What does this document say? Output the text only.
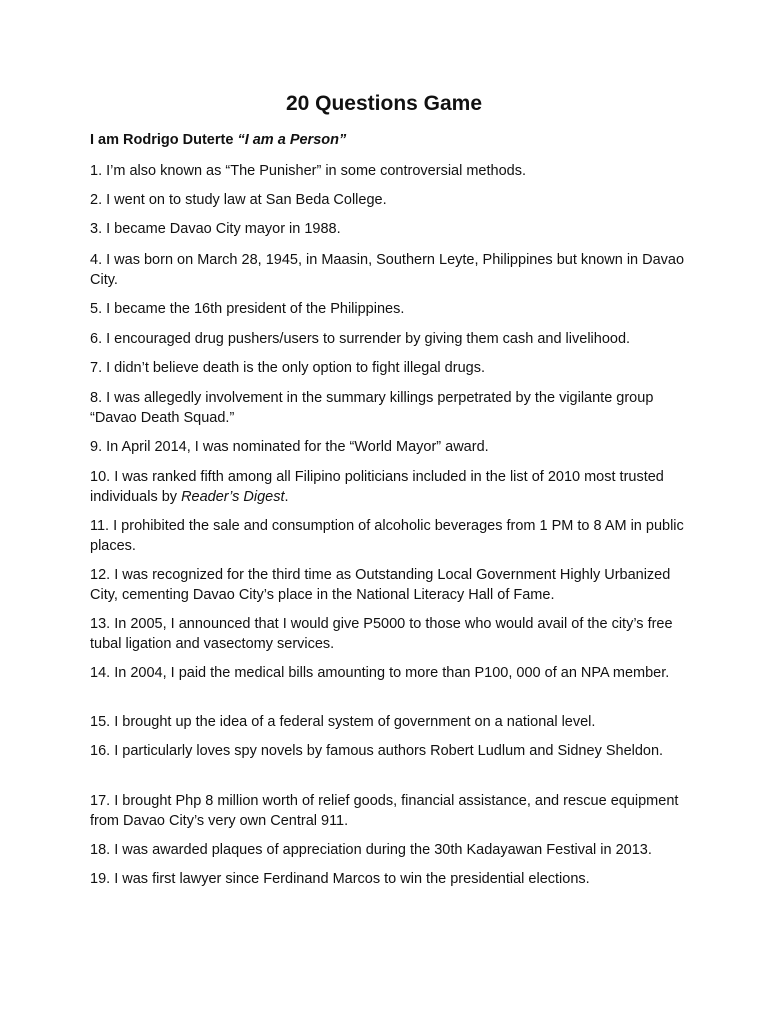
20 Questions Game
I am Rodrigo Duterte “I am a Person”

1. I’m also known as “The Punisher” in some controversial methods.

2. I went on to study law at San Beda College.

3. I became Davao City mayor in 1988.

4. I was born on March 28, 1945, in Maasin, Southern Leyte, Philippines but known in Davao City.

5. I became the 16th president of the Philippines.

6. I encouraged drug pushers/users to surrender by giving them cash and livelihood.

7. I didn’t believe death is the only option to fight illegal drugs.

8. I was allegedly involvement in the summary killings perpetrated by the vigilante group “Davao Death Squad.”

9. In April 2014, I was nominated for the “World Mayor” award.

10. I was ranked fifth among all Filipino politicians included in the list of 2010 most trusted individuals by Reader’s Digest.

11. I prohibited the sale and consumption of alcoholic beverages from 1 PM to 8 AM in public places.

12. I was recognized for the third time as Outstanding Local Government Highly Urbanized City, cementing Davao City’s place in the National Literacy Hall of Fame.

13. In 2005, I announced that I would give P5000 to those who would avail of the city’s free tubal ligation and vasectomy services.

14. In 2004, I paid the medical bills amounting to more than P100, 000 of an NPA member.

15. I brought up the idea of a federal system of government on a national level.

16. I particularly loves spy novels by famous authors Robert Ludlum and Sidney Sheldon.

17. I brought Php 8 million worth of relief goods, financial assistance, and rescue equipment from Davao City’s very own Central 911.

18. I was awarded plaques of appreciation during the 30th Kadayawan Festival in 2013.

19. I was first lawyer since Ferdinand Marcos to win the presidential elections.
